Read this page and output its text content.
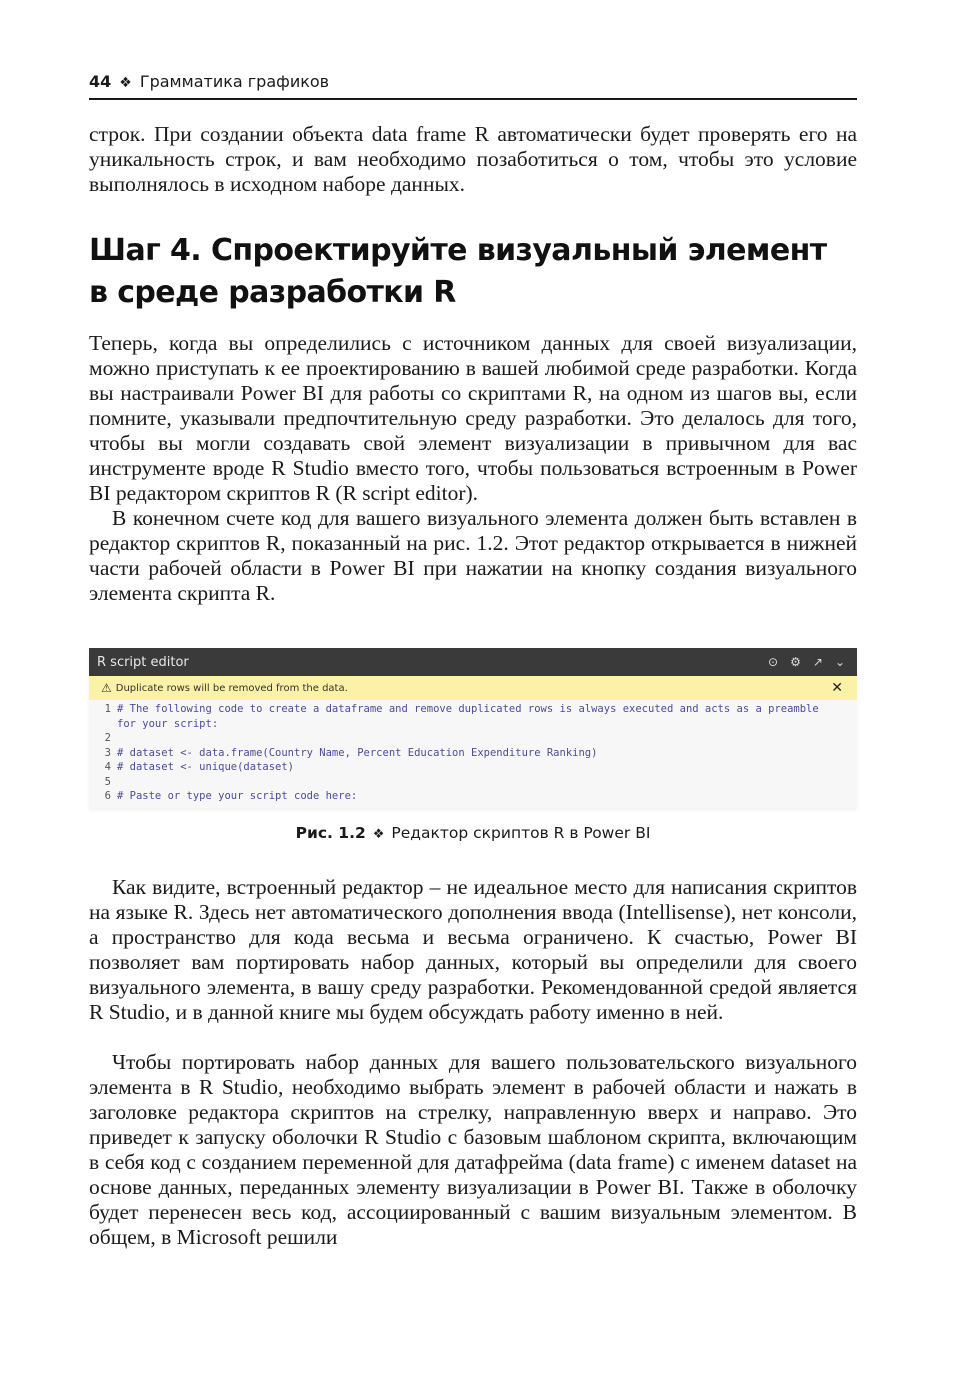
44 ❖ Грамматика графиков

строк. При создании объекта data frame R автоматически будет проверять его на уникальность строк, и вам необходимо позаботиться о том, чтобы это условие выполнялось в исходном наборе данных.

Шаг 4. Спроектируйте визуальный элемент
в среде разработки R

Теперь, когда вы определились с источником данных для своей визуализации, можно приступать к ее проектированию в вашей любимой среде разработки. Когда вы настраивали Power BI для работы со скриптами R, на одном из шагов вы, если помните, указывали предпочтительную среду разработки. Это делалось для того, чтобы вы могли создавать свой элемент визуализации в привычном для вас инструменте вроде R Studio вместо того, чтобы пользоваться встроенным в Power BI редактором скриптов R (R script editor).

В конечном счете код для вашего визуального элемента должен быть вставлен в редактор скриптов R, показанный на рис. 1.2. Этот редактор открывается в нижней части рабочей области в Power BI при нажатии на кнопку создания визуального элемента скрипта R.

R script editor	⊙ ⚙ ↗ ⌄
⚠ Duplicate rows will be removed from the data.	✕
1 # The following code to create a dataframe and remove duplicated rows is always executed and acts as a preamble for your script:
2
3 # dataset <- data.frame(Country Name, Percent Education Expenditure Ranking)
4 # dataset <- unique(dataset)
5
6 # Paste or type your script code here:
Рис. 1.2 ❖ Редактор скриптов R в Power BI

Как видите, встроенный редактор – не идеальное место для написания скриптов на языке R. Здесь нет автоматического дополнения ввода (Intellisense), нет консоли, а пространство для кода весьма и весьма ограничено. К счастью, Power BI позволяет вам портировать набор данных, который вы определили для своего визуального элемента, в вашу среду разработки. Рекомендованной средой является R Studio, и в данной книге мы будем обсуждать работу именно в ней.

Чтобы портировать набор данных для вашего пользовательского визуального элемента в R Studio, необходимо выбрать элемент в рабочей области и нажать в заголовке редактора скриптов на стрелку, направленную вверх и направо. Это приведет к запуску оболочки R Studio с базовым шаблоном скрипта, включающим в себя код с созданием переменной для датафрейма (data frame) с именем dataset на основе данных, переданных элементу визуализации в Power BI. Также в оболочку будет перенесен весь код, ассоциированный с вашим визуальным элементом. В общем, в Microsoft решили
